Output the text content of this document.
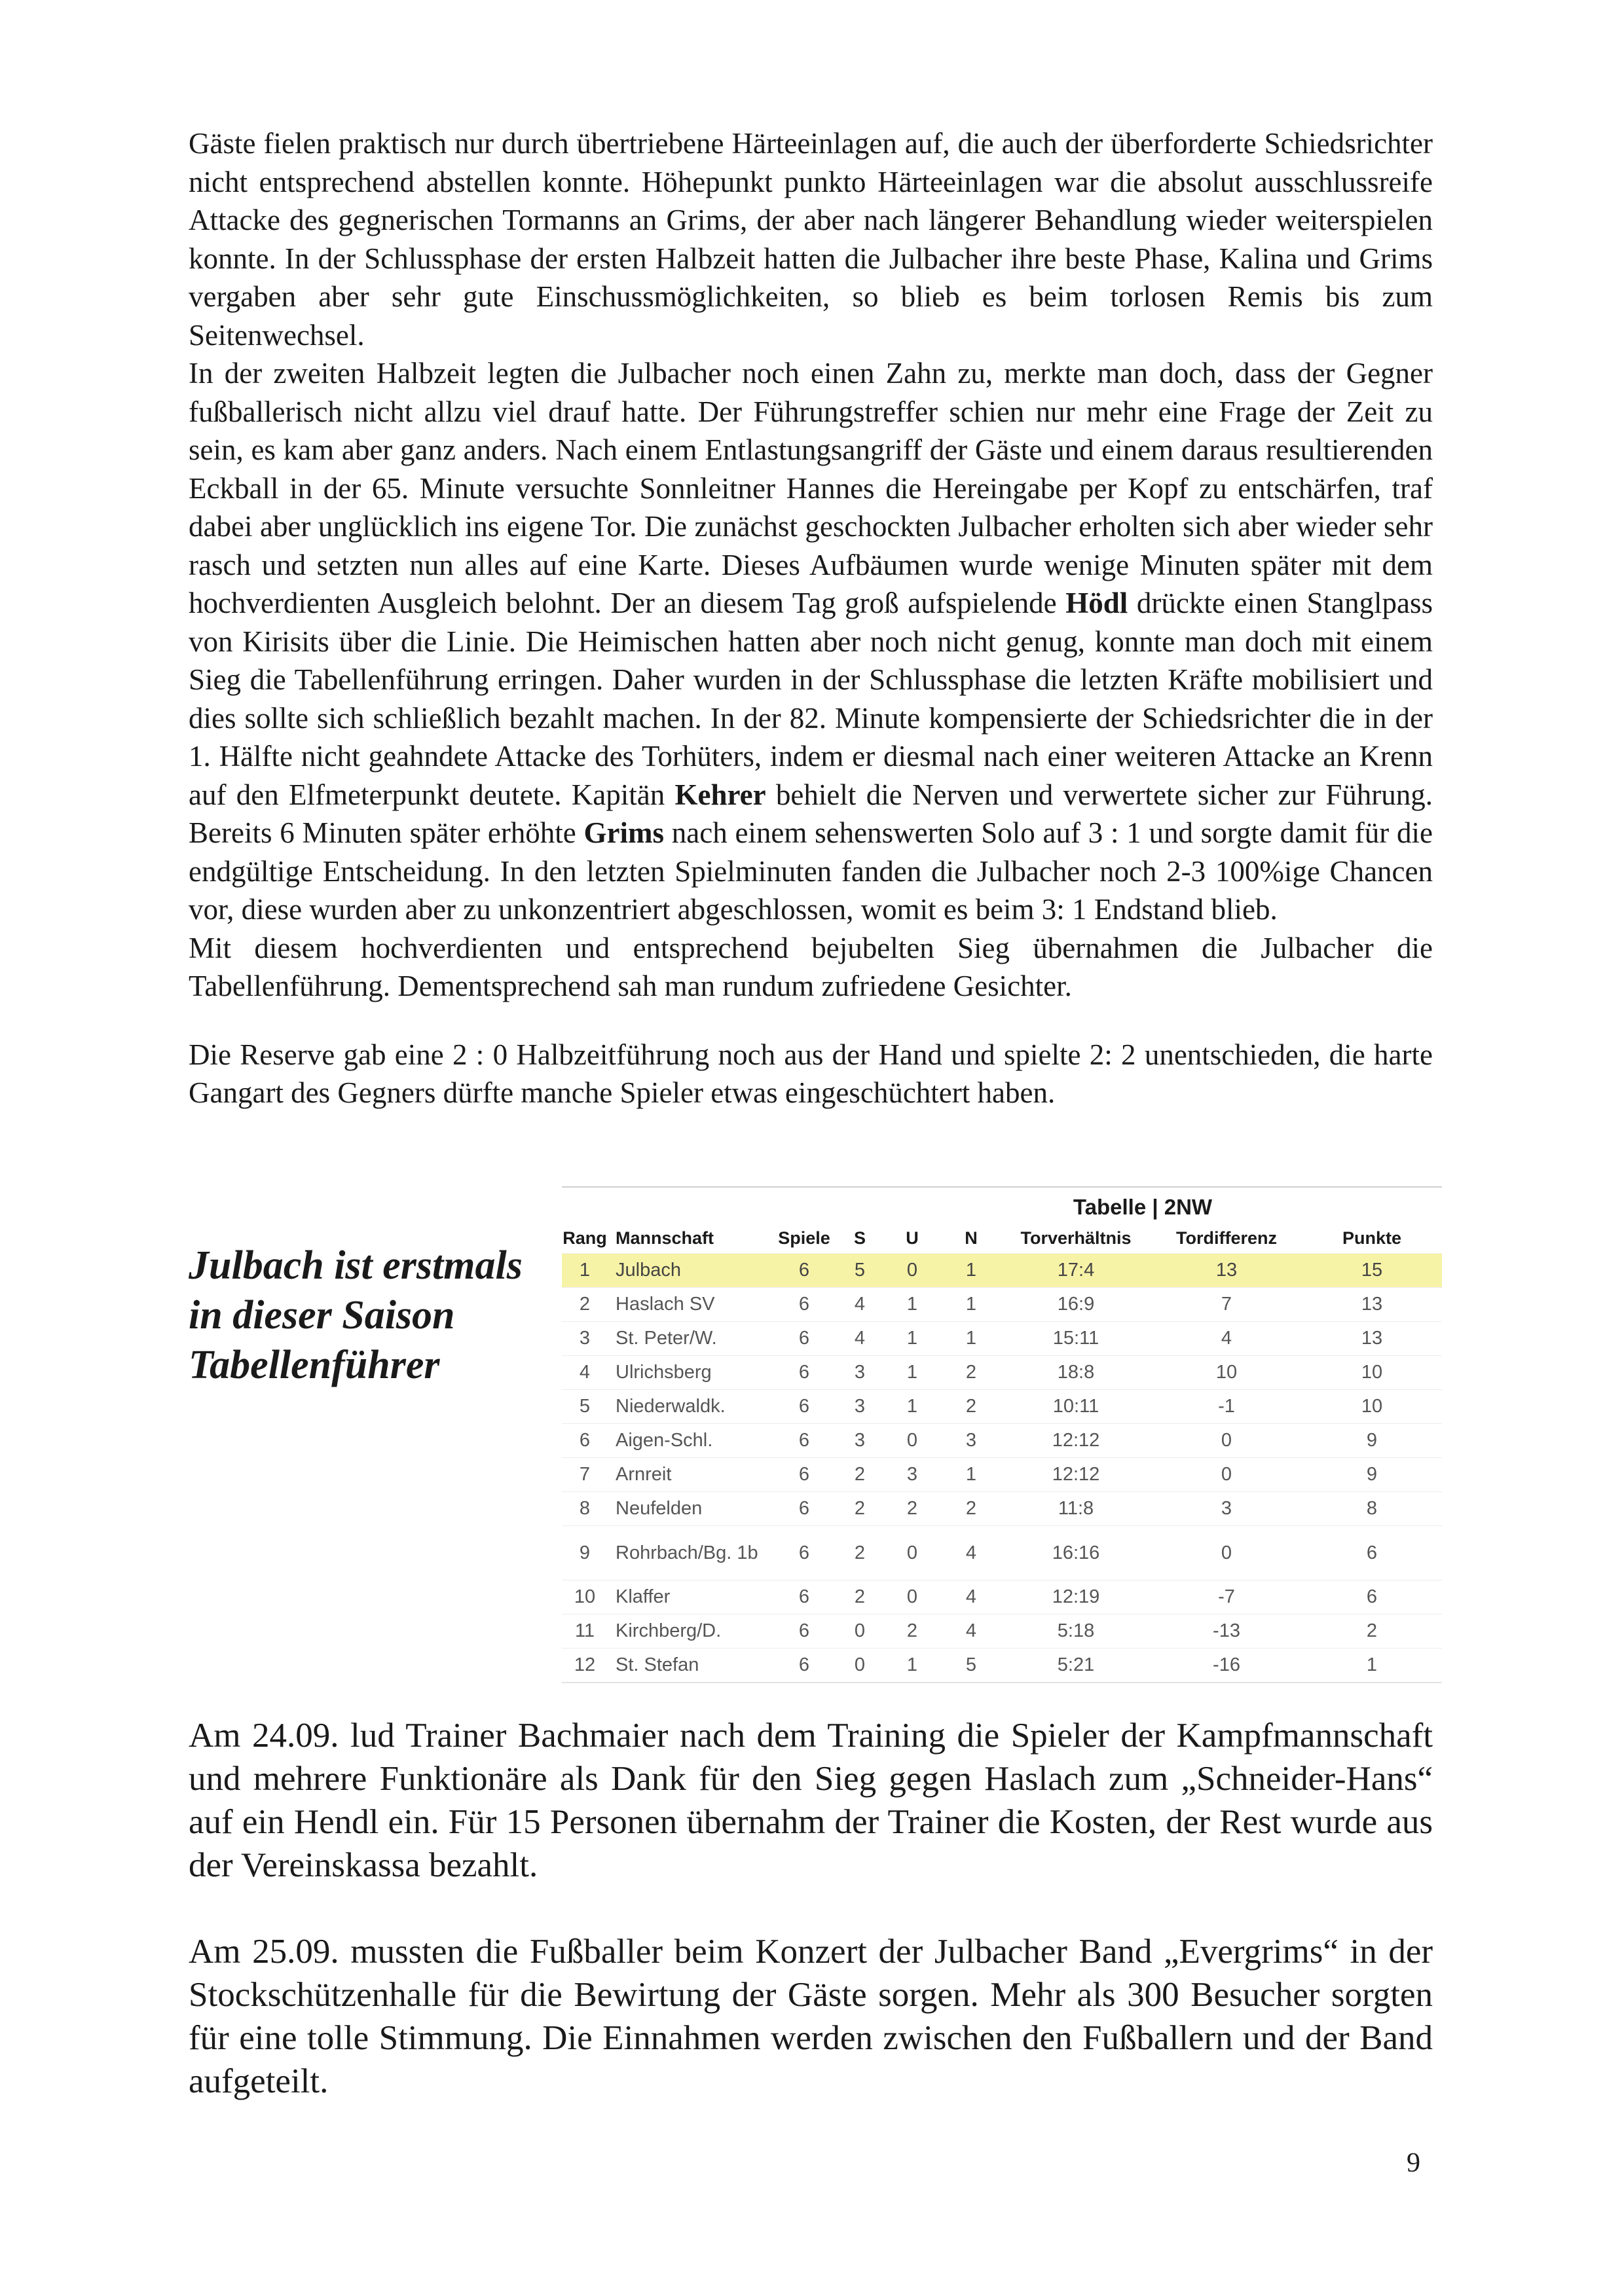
Gäste fielen praktisch nur durch übertriebene Härteeinlagen auf, die auch der überforderte Schiedsrichter nicht entsprechend abstellen konnte. Höhepunkt punkto Härteeinlagen war die absolut ausschlussreife Attacke des gegnerischen Tormanns an Grims, der aber nach längerer Behandlung wieder weiterspielen konnte. In der Schlussphase der ersten Halbzeit hatten die Julbacher ihre beste Phase, Kalina und Grims vergaben aber sehr gute Einschussmöglichkeiten, so blieb es beim torlosen Remis bis zum Seitenwechsel.

In der zweiten Halbzeit legten die Julbacher noch einen Zahn zu, merkte man doch, dass der Gegner fußballerisch nicht allzu viel drauf hatte. Der Führungstreffer schien nur mehr eine Frage der Zeit zu sein, es kam aber ganz anders. Nach einem Entlastungsangriff der Gäste und einem daraus resultierenden Eckball in der 65. Minute versuchte Sonnleitner Hannes die Hereingabe per Kopf zu entschärfen, traf dabei aber unglücklich ins eigene Tor. Die zunächst geschockten Julbacher erholten sich aber wieder sehr rasch und setzten nun alles auf eine Karte. Dieses Aufbäumen wurde wenige Minuten später mit dem hochverdienten Ausgleich belohnt. Der an diesem Tag groß aufspielende Hödl drückte einen Stanglpass von Kirisits über die Linie. Die Heimischen hatten aber noch nicht genug, konnte man doch mit einem Sieg die Tabellenführung erringen. Daher wurden in der Schlussphase die letzten Kräfte mobilisiert und dies sollte sich schließlich bezahlt machen. In der 82. Minute kompensierte der Schiedsrichter die in der 1. Hälfte nicht geahndete Attacke des Torhüters, indem er diesmal nach einer weiteren Attacke an Krenn auf den Elfmeterpunkt deutete. Kapitän Kehrer behielt die Nerven und verwertete sicher zur Führung. Bereits 6 Minuten später erhöhte Grims nach einem sehenswerten Solo auf 3 : 1 und sorgte damit für die endgültige Entscheidung. In den letzten Spielminuten fanden die Julbacher noch 2-3 100%ige Chancen vor, diese wurden aber zu unkonzentriert abgeschlossen, womit es beim 3: 1 Endstand blieb.

Mit diesem hochverdienten und entsprechend bejubelten Sieg übernahmen die Julbacher die Tabellenführung. Dementsprechend sah man rundum zufriedene Gesichter.

Die Reserve gab eine 2 : 0 Halbzeitführung noch aus der Hand und spielte 2: 2 unentschieden, die harte Gangart des Gegners dürfte manche Spieler etwas eingeschüchtert haben.

Julbach ist erstmals in dieser Saison Tabellenführer
Tabelle | 2NW
Rang	Mannschaft	Spiele	S	U	N	Torverhältnis	Tordifferenz	Punkte
1	Julbach	6	5	0	1	17:4	13	15
2	Haslach SV	6	4	1	1	16:9	7	13
3	St. Peter/W.	6	4	1	1	15:11	4	13
4	Ulrichsberg	6	3	1	2	18:8	10	10
5	Niederwaldk.	6	3	1	2	10:11	-1	10
6	Aigen-Schl.	6	3	0	3	12:12	0	9
7	Arnreit	6	2	3	1	12:12	0	9
8	Neufelden	6	2	2	2	11:8	3	8
9	Rohrbach/Bg. 1b	6	2	0	4	16:16	0	6
10	Klaffer	6	2	0	4	12:19	-7	6
11	Kirchberg/D.	6	0	2	4	5:18	-13	2
12	St. Stefan	6	0	1	5	5:21	-16	1

Am 24.09. lud Trainer Bachmaier nach dem Training die Spieler der Kampfmannschaft und mehrere Funktionäre als Dank für den Sieg gegen Haslach zum „Schneider-Hans“ auf ein Hendl ein. Für 15 Personen übernahm der Trainer die Kosten, der Rest wurde aus der Vereinskassa bezahlt.

Am 25.09. mussten die Fußballer beim Konzert der Julbacher Band „Evergrims“ in der Stockschützenhalle für die Bewirtung der Gäste sorgen. Mehr als 300 Besucher sorgten für eine tolle Stimmung. Die Einnahmen werden zwischen den Fußballern und der Band aufgeteilt.

9
